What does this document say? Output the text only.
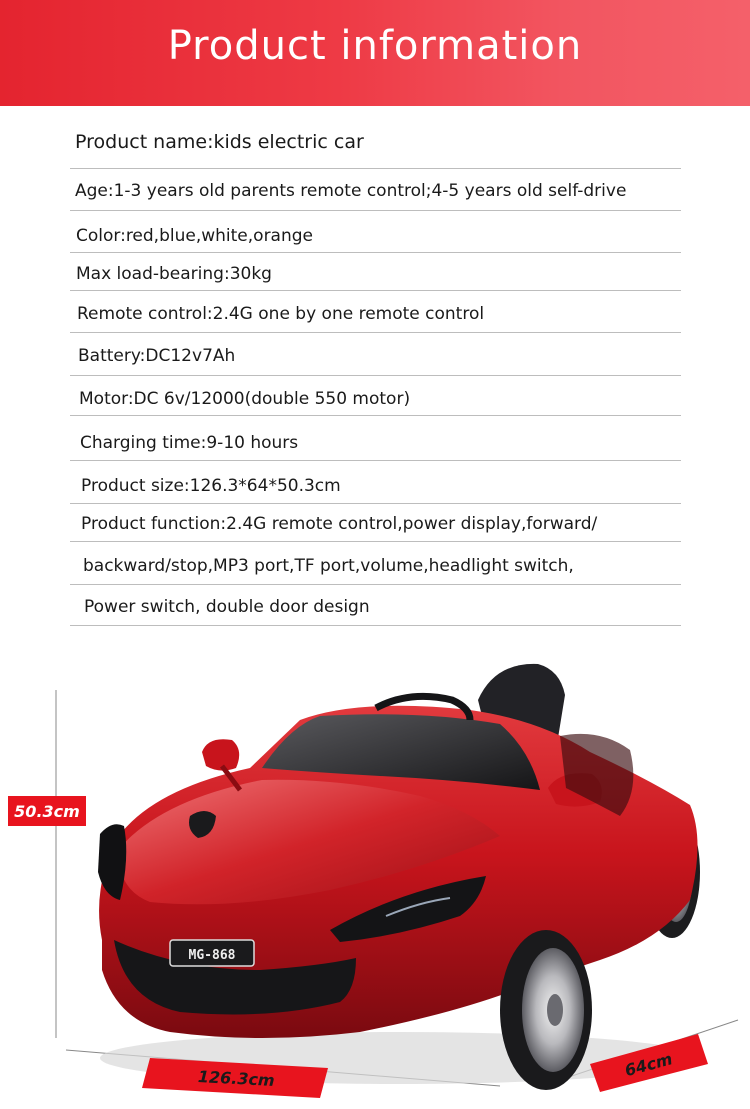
Product information
Product name:kids electric car
Age:1-3 years old parents remote control;4-5 years old self-drive
Color:red,blue,white,orange
Max load-bearing:30kg
Remote control:2.4G one by one remote control
Battery:DC12v7Ah
Motor:DC 6v/12000(double 550 motor)
Charging time:9-10 hours
Product size:126.3*64*50.3cm
Product function:2.4G remote control,power display,forward/
backward/stop,MP3 port,TF port,volume,headlight switch,
Power switch, double door design
MG-868
50.3cm
126.3cm	64cm
